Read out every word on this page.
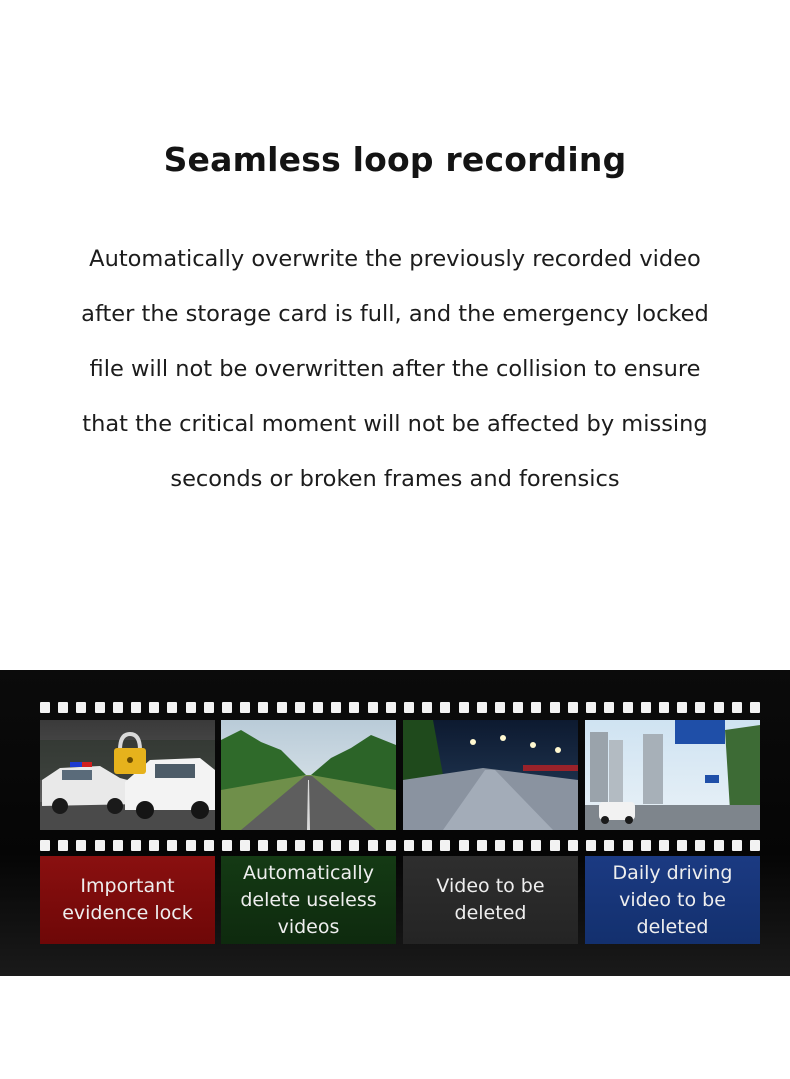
Seamless loop recording
Automatically overwrite the previously recorded video
after the storage card is full, and the emergency locked
file will not be overwritten after the collision to ensure
that the critical moment will not be affected by missing
seconds or broken frames and forensics
Important evidence lock
Automatically delete useless videos
Video to be deleted
Daily driving video to be deleted
